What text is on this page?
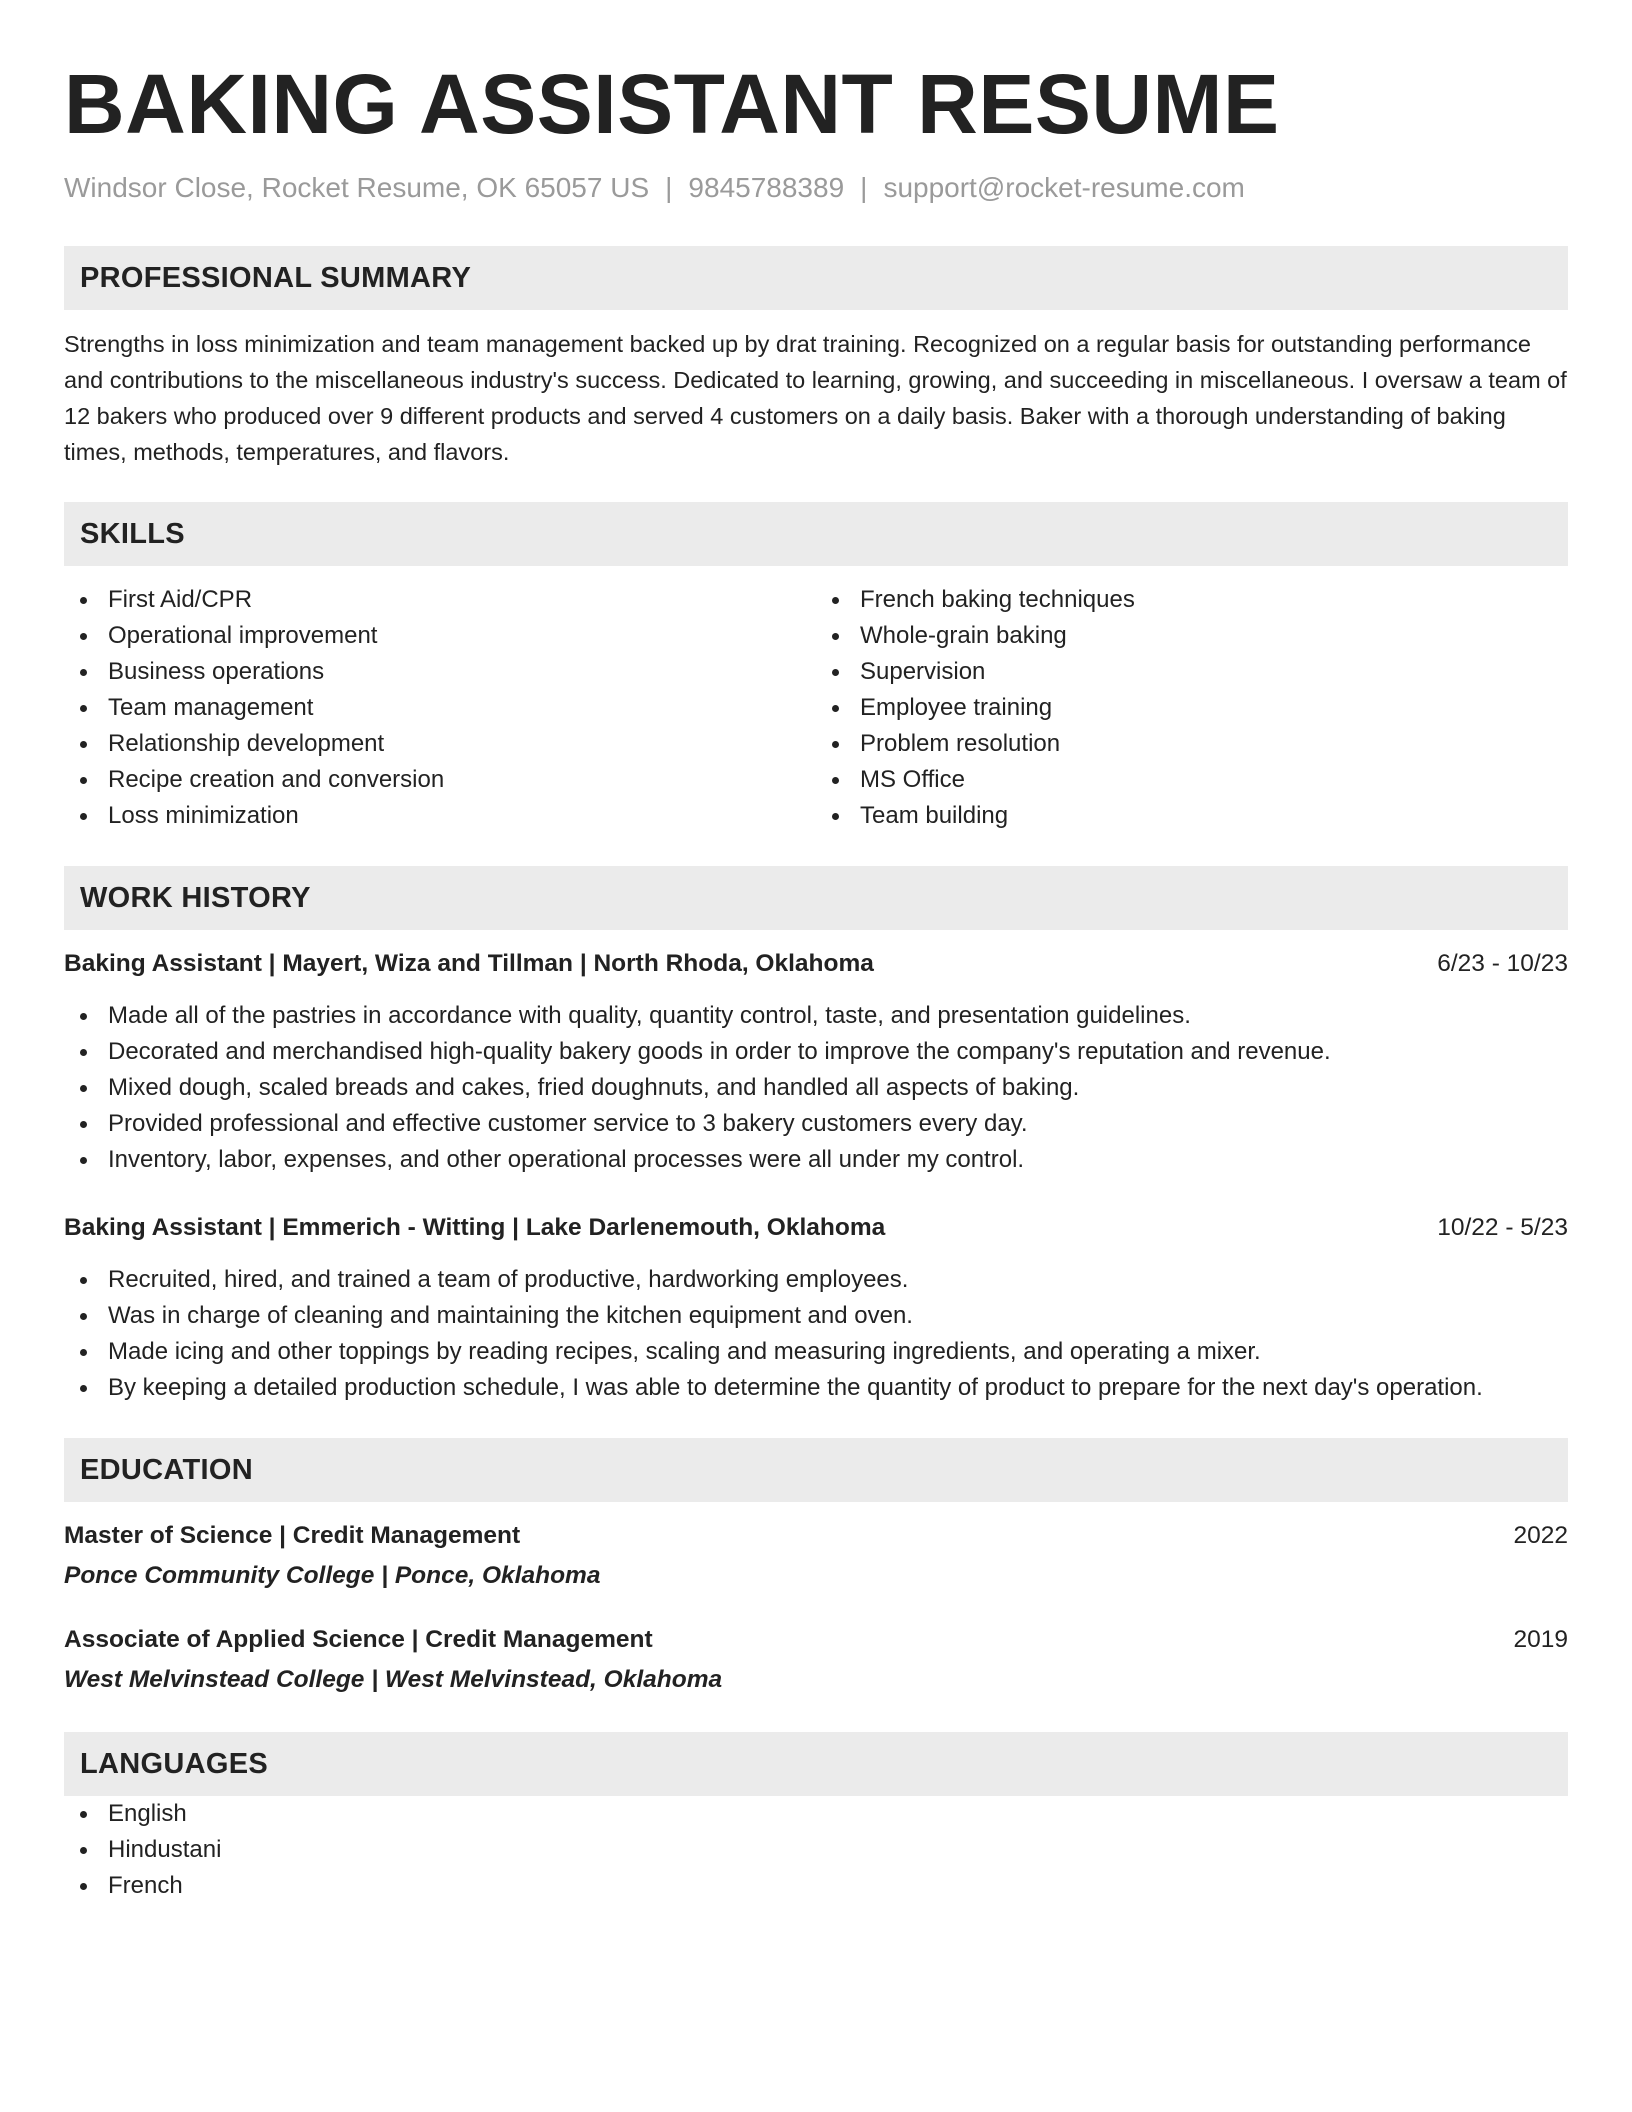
BAKING ASSISTANT RESUME
Windsor Close, Rocket Resume, OK 65057 US | 9845788389 | support@rocket-resume.com
PROFESSIONAL SUMMARY

Strengths in loss minimization and team management backed up by drat training. Recognized on a regular basis for outstanding performance and contributions to the miscellaneous industry's success. Dedicated to learning, growing, and succeeding in miscellaneous. I oversaw a team of 12 bakers who produced over 9 different products and served 4 customers on a daily basis. Baker with a thorough understanding of baking times, methods, temperatures, and flavors.

SKILLS
First Aid/CPR
Operational improvement
Business operations
Team management
Relationship development
Recipe creation and conversion
Loss minimization
French baking techniques
Whole-grain baking
Supervision
Employee training
Problem resolution
MS Office
Team building
WORK HISTORY
Baking Assistant | Mayert, Wiza and Tillman | North Rhoda, Oklahoma	6/23 - 10/23
Made all of the pastries in accordance with quality, quantity control, taste, and presentation guidelines.
Decorated and merchandised high-quality bakery goods in order to improve the company's reputation and revenue.
Mixed dough, scaled breads and cakes, fried doughnuts, and handled all aspects of baking.
Provided professional and effective customer service to 3 bakery customers every day.
Inventory, labor, expenses, and other operational processes were all under my control.
Baking Assistant | Emmerich - Witting | Lake Darlenemouth, Oklahoma	10/22 - 5/23
Recruited, hired, and trained a team of productive, hardworking employees.
Was in charge of cleaning and maintaining the kitchen equipment and oven.
Made icing and other toppings by reading recipes, scaling and measuring ingredients, and operating a mixer.
By keeping a detailed production schedule, I was able to determine the quantity of product to prepare for the next day's operation.
EDUCATION
Master of Science | Credit Management	2022
Ponce Community College | Ponce, Oklahoma
Associate of Applied Science | Credit Management	2019
West Melvinstead College | West Melvinstead, Oklahoma
LANGUAGES
English
Hindustani
French
